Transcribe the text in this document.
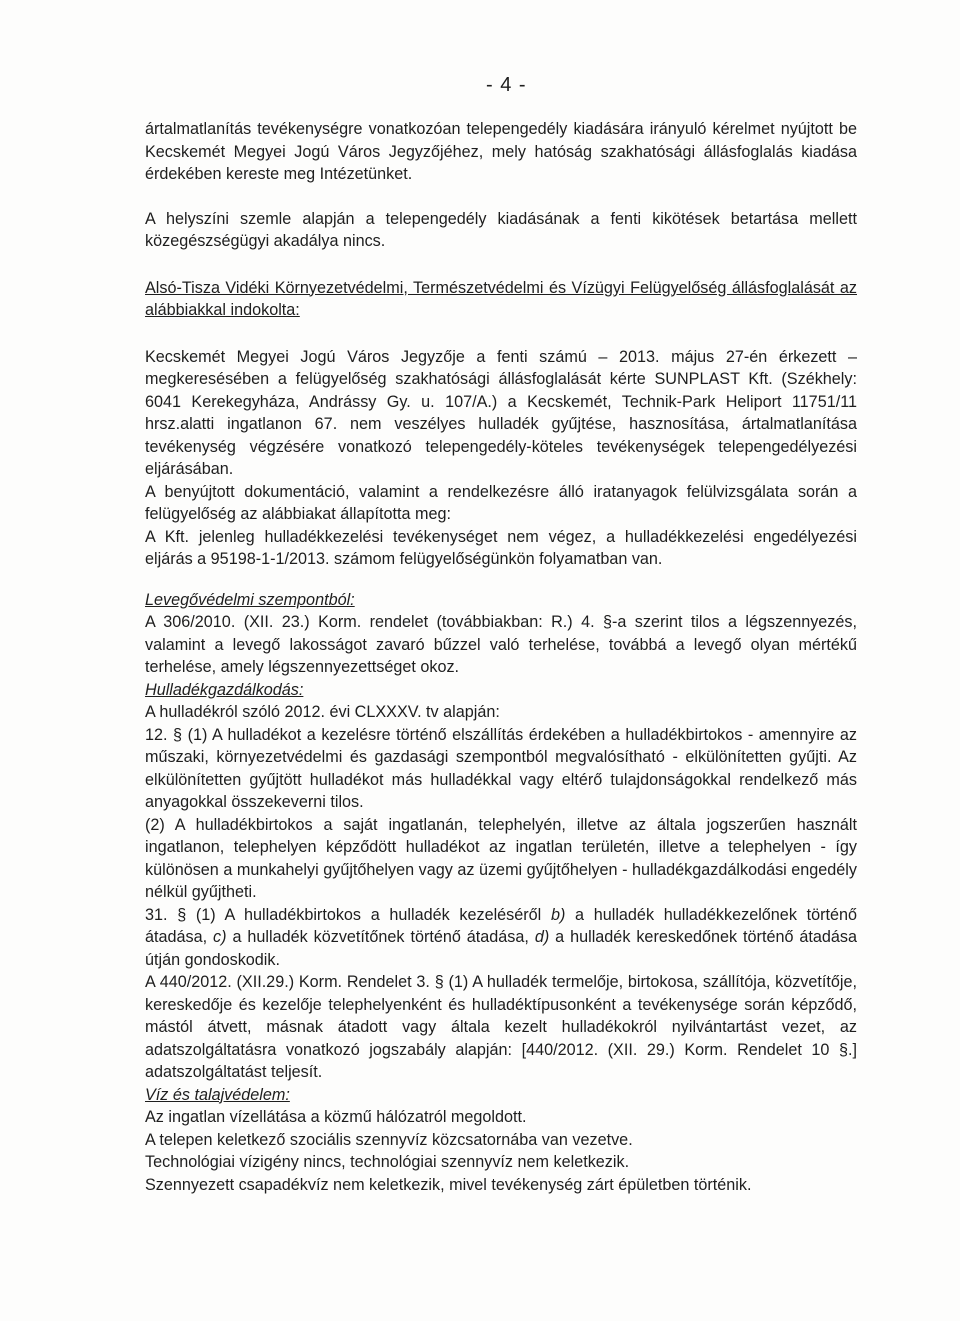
- 4 -

ártalmatlanítás tevékenységre vonatkozóan telepengedély kiadására irányuló kérelmet nyújtott be Kecskemét Megyei Jogú Város Jegyzőjéhez, mely hatóság szakhatósági állásfoglalás kiadása érdekében kereste meg Intézetünket.

A helyszíni szemle alapján a telepengedély kiadásának a fenti kikötések betartása mellett közegészségügyi akadálya nincs.

Alsó-Tisza Vidéki Környezetvédelmi, Természetvédelmi és Vízügyi Felügyelőség állásfoglalását az alábbiakkal indokolta:

Kecskemét Megyei Jogú Város Jegyzője a fenti számú – 2013. május 27-én érkezett – megkeresésében a felügyelőség szakhatósági állásfoglalását kérte SUNPLAST Kft. (Székhely: 6041 Kerekegyháza, Andrássy Gy. u. 107/A.) a Kecskemét, Technik-Park Heliport 11751/11 hrsz.alatti ingatlanon 67. nem veszélyes hulladék gyűjtése, hasznosítása, ártalmatlanítása tevékenység végzésére vonatkozó telepengedély-köteles tevékenységek telepengedélyezési eljárásában.

A benyújtott dokumentáció, valamint a rendelkezésre álló iratanyagok felülvizsgálata során a felügyelőség az alábbiakat állapította meg:

A Kft. jelenleg hulladékkezelési tevékenységet nem végez, a hulladékkezelési engedélyezési eljárás a 95198-1-1/2013. számom felügyelőségünkön folyamatban van.

Levegővédelmi szempontból:

A 306/2010. (XII. 23.) Korm. rendelet (továbbiakban: R.) 4. §-a szerint tilos a légszennyezés, valamint a levegő lakosságot zavaró bűzzel való terhelése, továbbá a levegő olyan mértékű terhelése, amely légszennyezettséget okoz.

Hulladékgazdálkodás:

A hulladékról szóló 2012. évi CLXXXV. tv alapján:

12. § (1) A hulladékot a kezelésre történő elszállítás érdekében a hulladékbirtokos - amennyire az műszaki, környezetvédelmi és gazdasági szempontból megvalósítható - elkülönítetten gyűjti. Az elkülönítetten gyűjtött hulladékot más hulladékkal vagy eltérő tulajdonságokkal rendelkező más anyagokkal összekeverni tilos.

(2) A hulladékbirtokos a saját ingatlanán, telephelyén, illetve az általa jogszerűen használt ingatlanon, telephelyen képződött hulladékot az ingatlan területén, illetve a telephelyen - így különösen a munkahelyi gyűjtőhelyen vagy az üzemi gyűjtőhelyen - hulladékgazdálkodási engedély nélkül gyűjtheti.

31. § (1) A hulladékbirtokos a hulladék kezeléséről b) a hulladék hulladékkezelőnek történő átadása, c) a hulladék közvetítőnek történő átadása, d) a hulladék kereskedőnek történő átadása útján gondoskodik.

A 440/2012. (XII.29.) Korm. Rendelet 3. § (1) A hulladék termelője, birtokosa, szállítója, közvetítője, kereskedője és kezelője telephelyenként és hulladéktípusonként a tevékenysége során képződő, mástól átvett, másnak átadott vagy általa kezelt hulladékokról nyilvántartást vezet, az adatszolgáltatásra vonatkozó jogszabály alapján: [440/2012. (XII. 29.) Korm. Rendelet 10 §.] adatszolgáltatást teljesít.

Víz és talajvédelem:

Az ingatlan vízellátása a közmű hálózatról megoldott.

A telepen keletkező szociális szennyvíz közcsatornába van vezetve.

Technológiai vízigény nincs, technológiai szennyvíz nem keletkezik.

Szennyezett csapadékvíz nem keletkezik, mivel tevékenység zárt épületben történik.
